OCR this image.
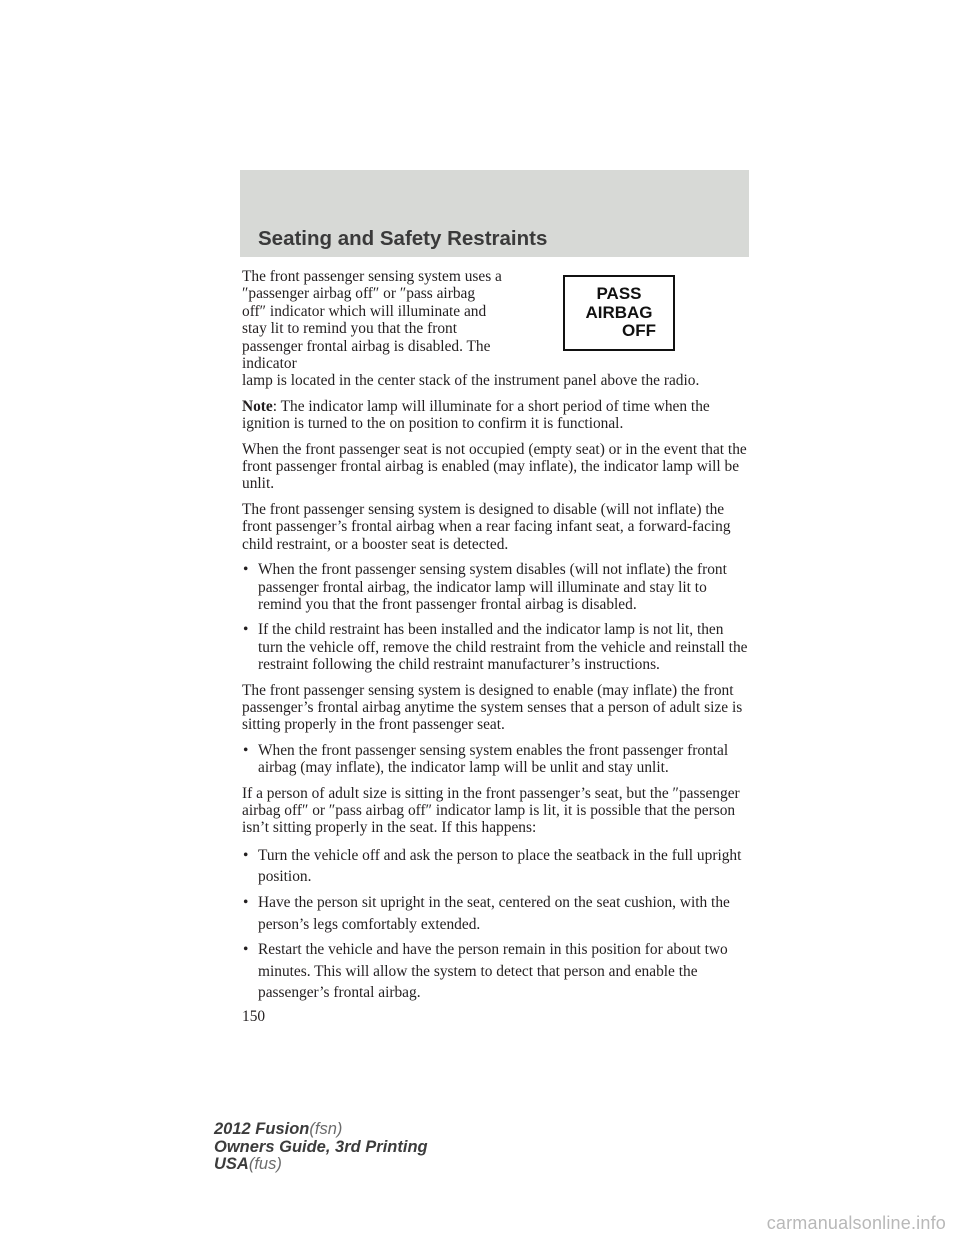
Seating and Safety Restraints
PASS
AIRBAG
OFF

The front passenger sensing system uses a ″passenger airbag off″ or ″pass airbag off″ indicator which will illuminate and stay lit to remind you that the front passenger frontal airbag is disabled. The indicator
lamp is located in the center stack of the instrument panel above the radio.

Note: The indicator lamp will illuminate for a short period of time when the ignition is turned to the on position to confirm it is functional.

When the front passenger seat is not occupied (empty seat) or in the event that the front passenger frontal airbag is enabled (may inflate), the indicator lamp will be unlit.

The front passenger sensing system is designed to disable (will not inflate) the front passenger’s frontal airbag when a rear facing infant seat, a forward-facing child restraint, or a booster seat is detected.

• When the front passenger sensing system disables (will not inflate) the front passenger frontal airbag, the indicator lamp will illuminate and stay lit to remind you that the front passenger frontal airbag is disabled.
• If the child restraint has been installed and the indicator lamp is not lit, then turn the vehicle off, remove the child restraint from the vehicle and reinstall the restraint following the child restraint manufacturer’s instructions.

The front passenger sensing system is designed to enable (may inflate) the front passenger’s frontal airbag anytime the system senses that a person of adult size is sitting properly in the front passenger seat.

• When the front passenger sensing system enables the front passenger frontal airbag (may inflate), the indicator lamp will be unlit and stay unlit.

If a person of adult size is sitting in the front passenger’s seat, but the ″passenger airbag off″ or ″pass airbag off″ indicator lamp is lit, it is possible that the person isn’t sitting properly in the seat. If this happens:

• Turn the vehicle off and ask the person to place the seatback in the full upright position.
• Have the person sit upright in the seat, centered on the seat cushion, with the person’s legs comfortably extended.
• Restart the vehicle and have the person remain in this position for about two minutes. This will allow the system to detect that person and enable the passenger’s frontal airbag.
150
2012 Fusion(fsn)
Owners Guide, 3rd Printing
USA(fus)
carmanualsonline.info
